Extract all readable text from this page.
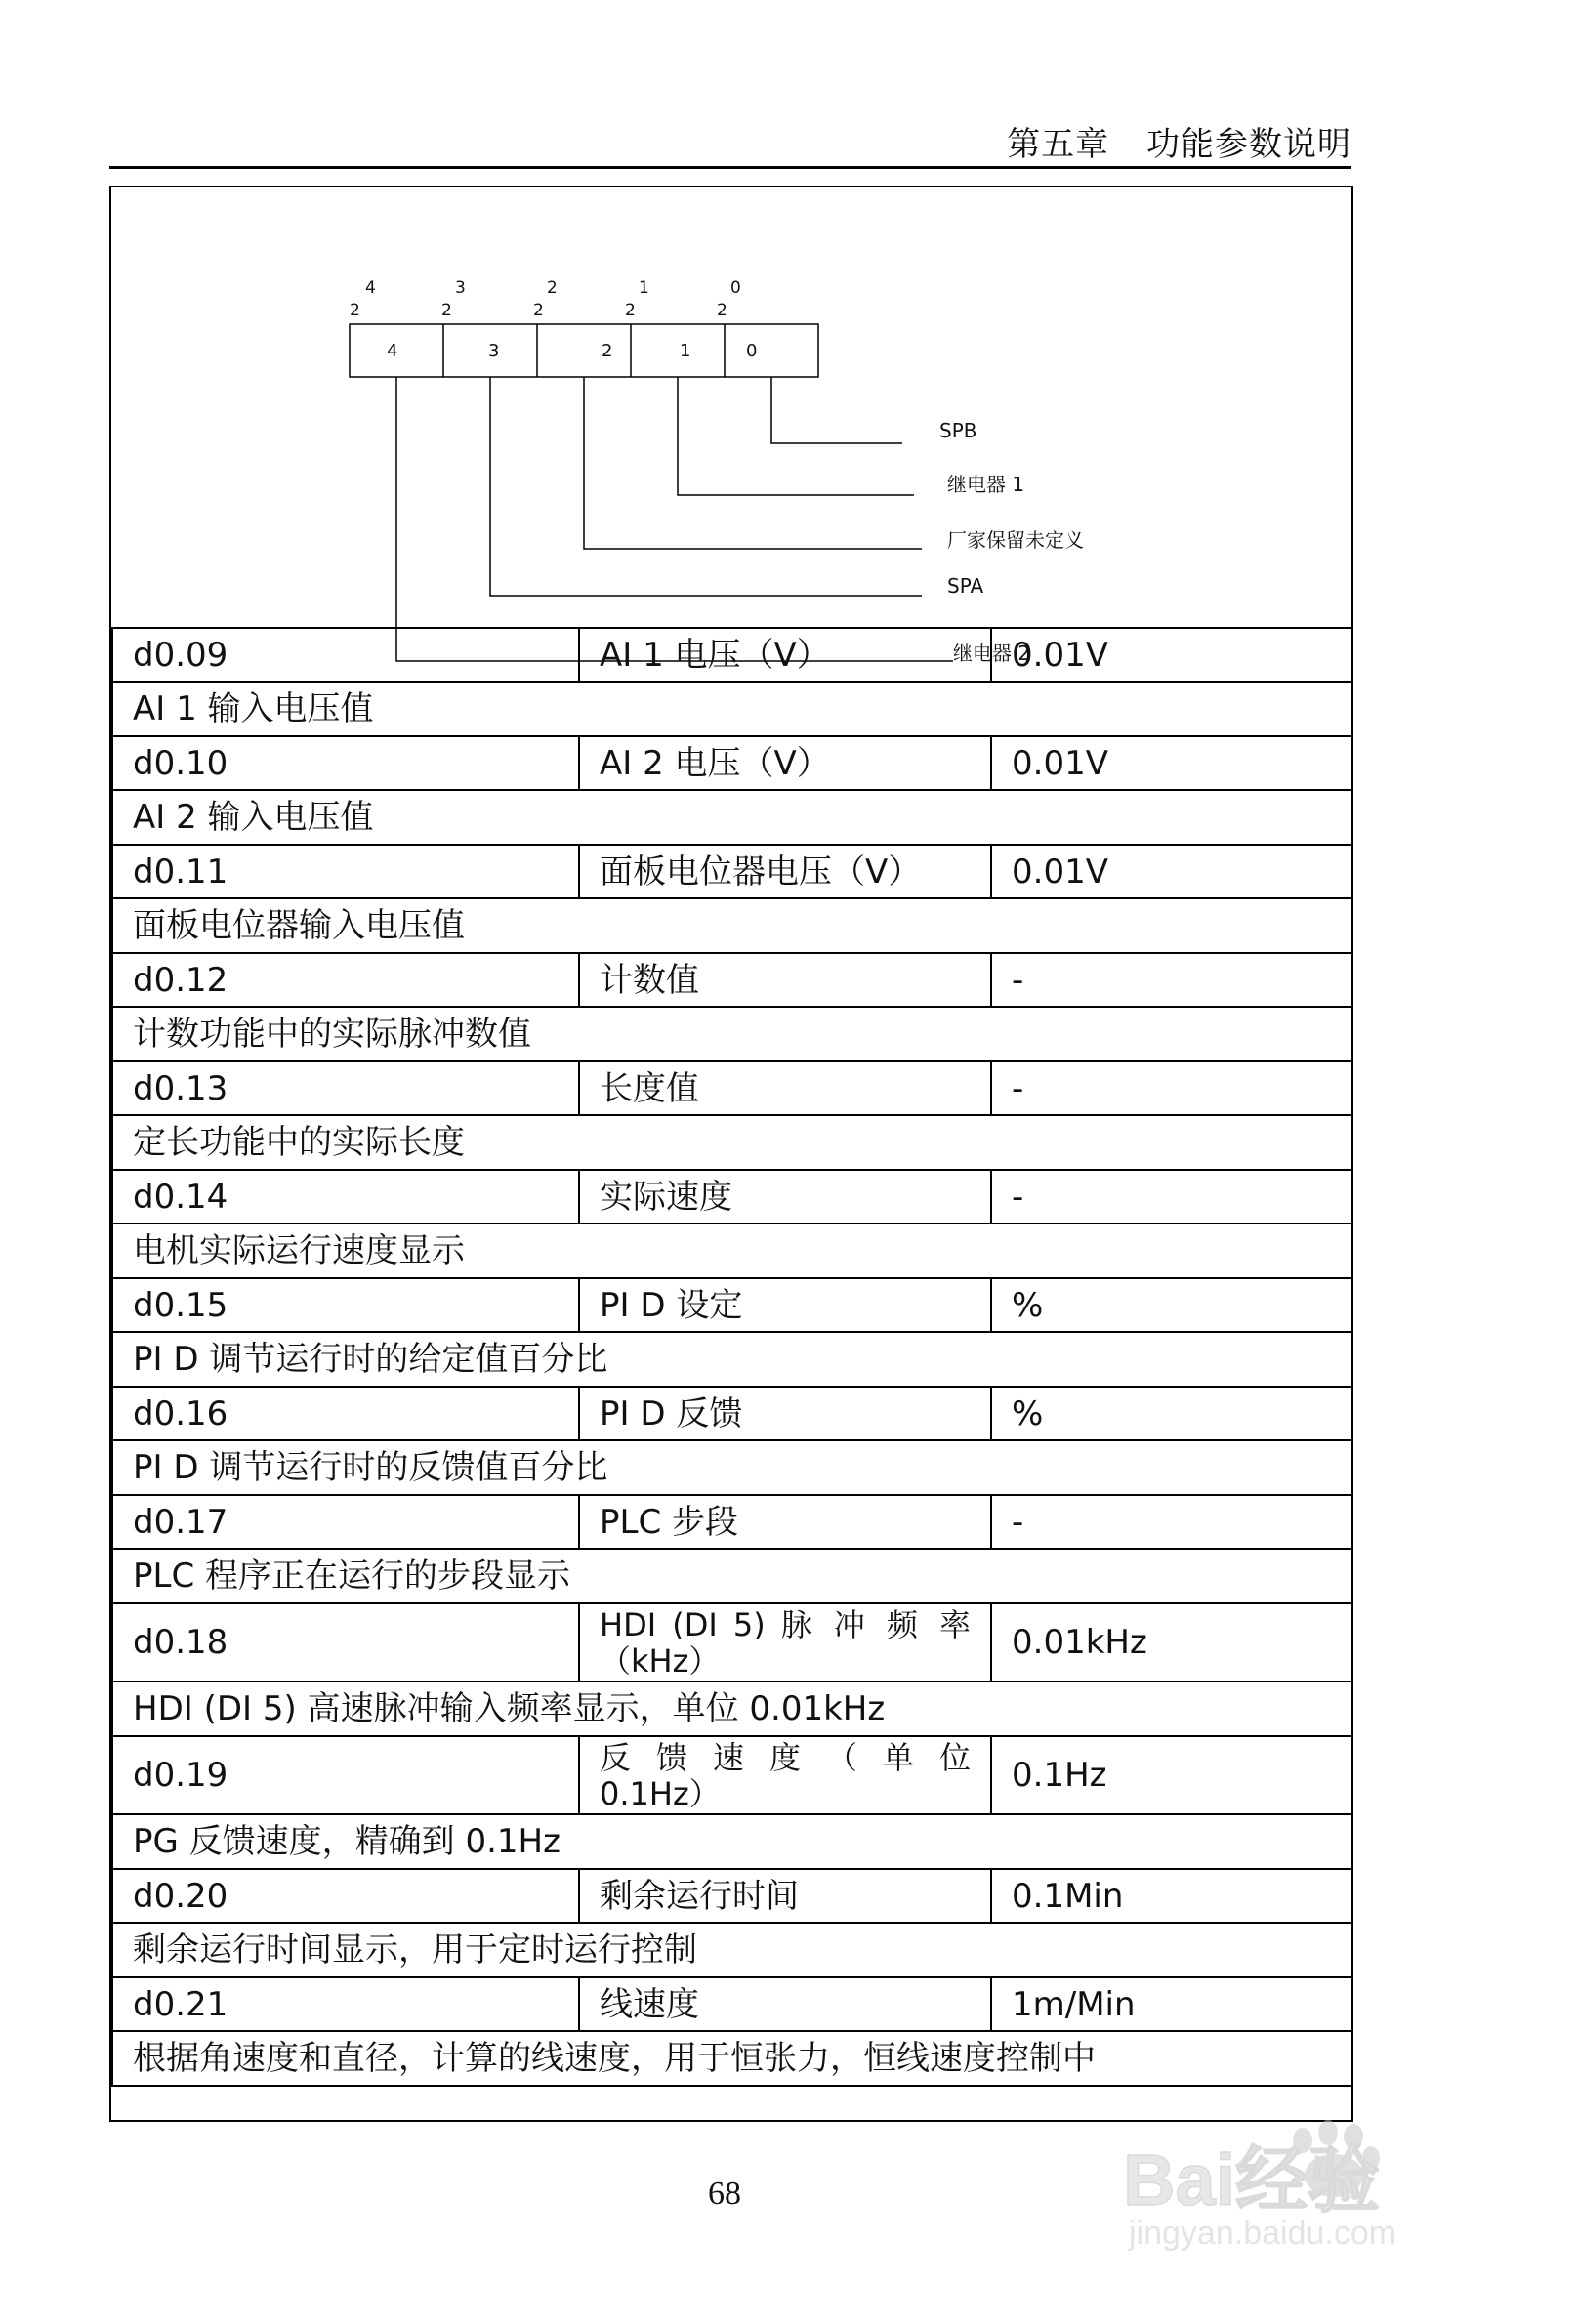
第五章 功能参数说明
4	3	2	1	0
2	2	2	2	2
4	3	2	1	0
SPB
继电器 1
厂家保留未定义
SPA
继电器 2
d0.09	AI 1 电压（V）	0.01V
AI 1 输入电压值		
d0.10	AI 2 电压（V）	0.01V
AI 2 输入电压值		
d0.11	面板电位器电压（V）	0.01V
面板电位器输入电压值		
d0.12	计数值	-
计数功能中的实际脉冲数值		
d0.13	长度值	-
定长功能中的实际长度		
d0.14	实际速度	-
电机实际运行速度显示		
d0.15	PI D 设定	%
PI D 调节运行时的给定值百分比		
d0.16	PI D 反馈	%
PI D 调节运行时的反馈值百分比		
d0.17	PLC 步段	-
PLC 程序正在运行的步段显示		
d0.18	HDI (DI 5) 脉 冲 频 率
（kHz）	0.01kHz
HDI (DI 5) 高速脉冲输入频率显示，单位 0.01kHz		
d0.19	反 馈 速 度 （ 单 位
0.1Hz）	0.1Hz
PG 反馈速度，精确到 0.1Hz		
d0.20	剩余运行时间	0.1Min
剩余运行时间显示，用于定时运行控制		
d0.21	线速度	1m/Min
根据角速度和直径，计算的线速度，用于恒张力，恒线速度控制中		
68	Bai经验
jingyan.baidu.com
